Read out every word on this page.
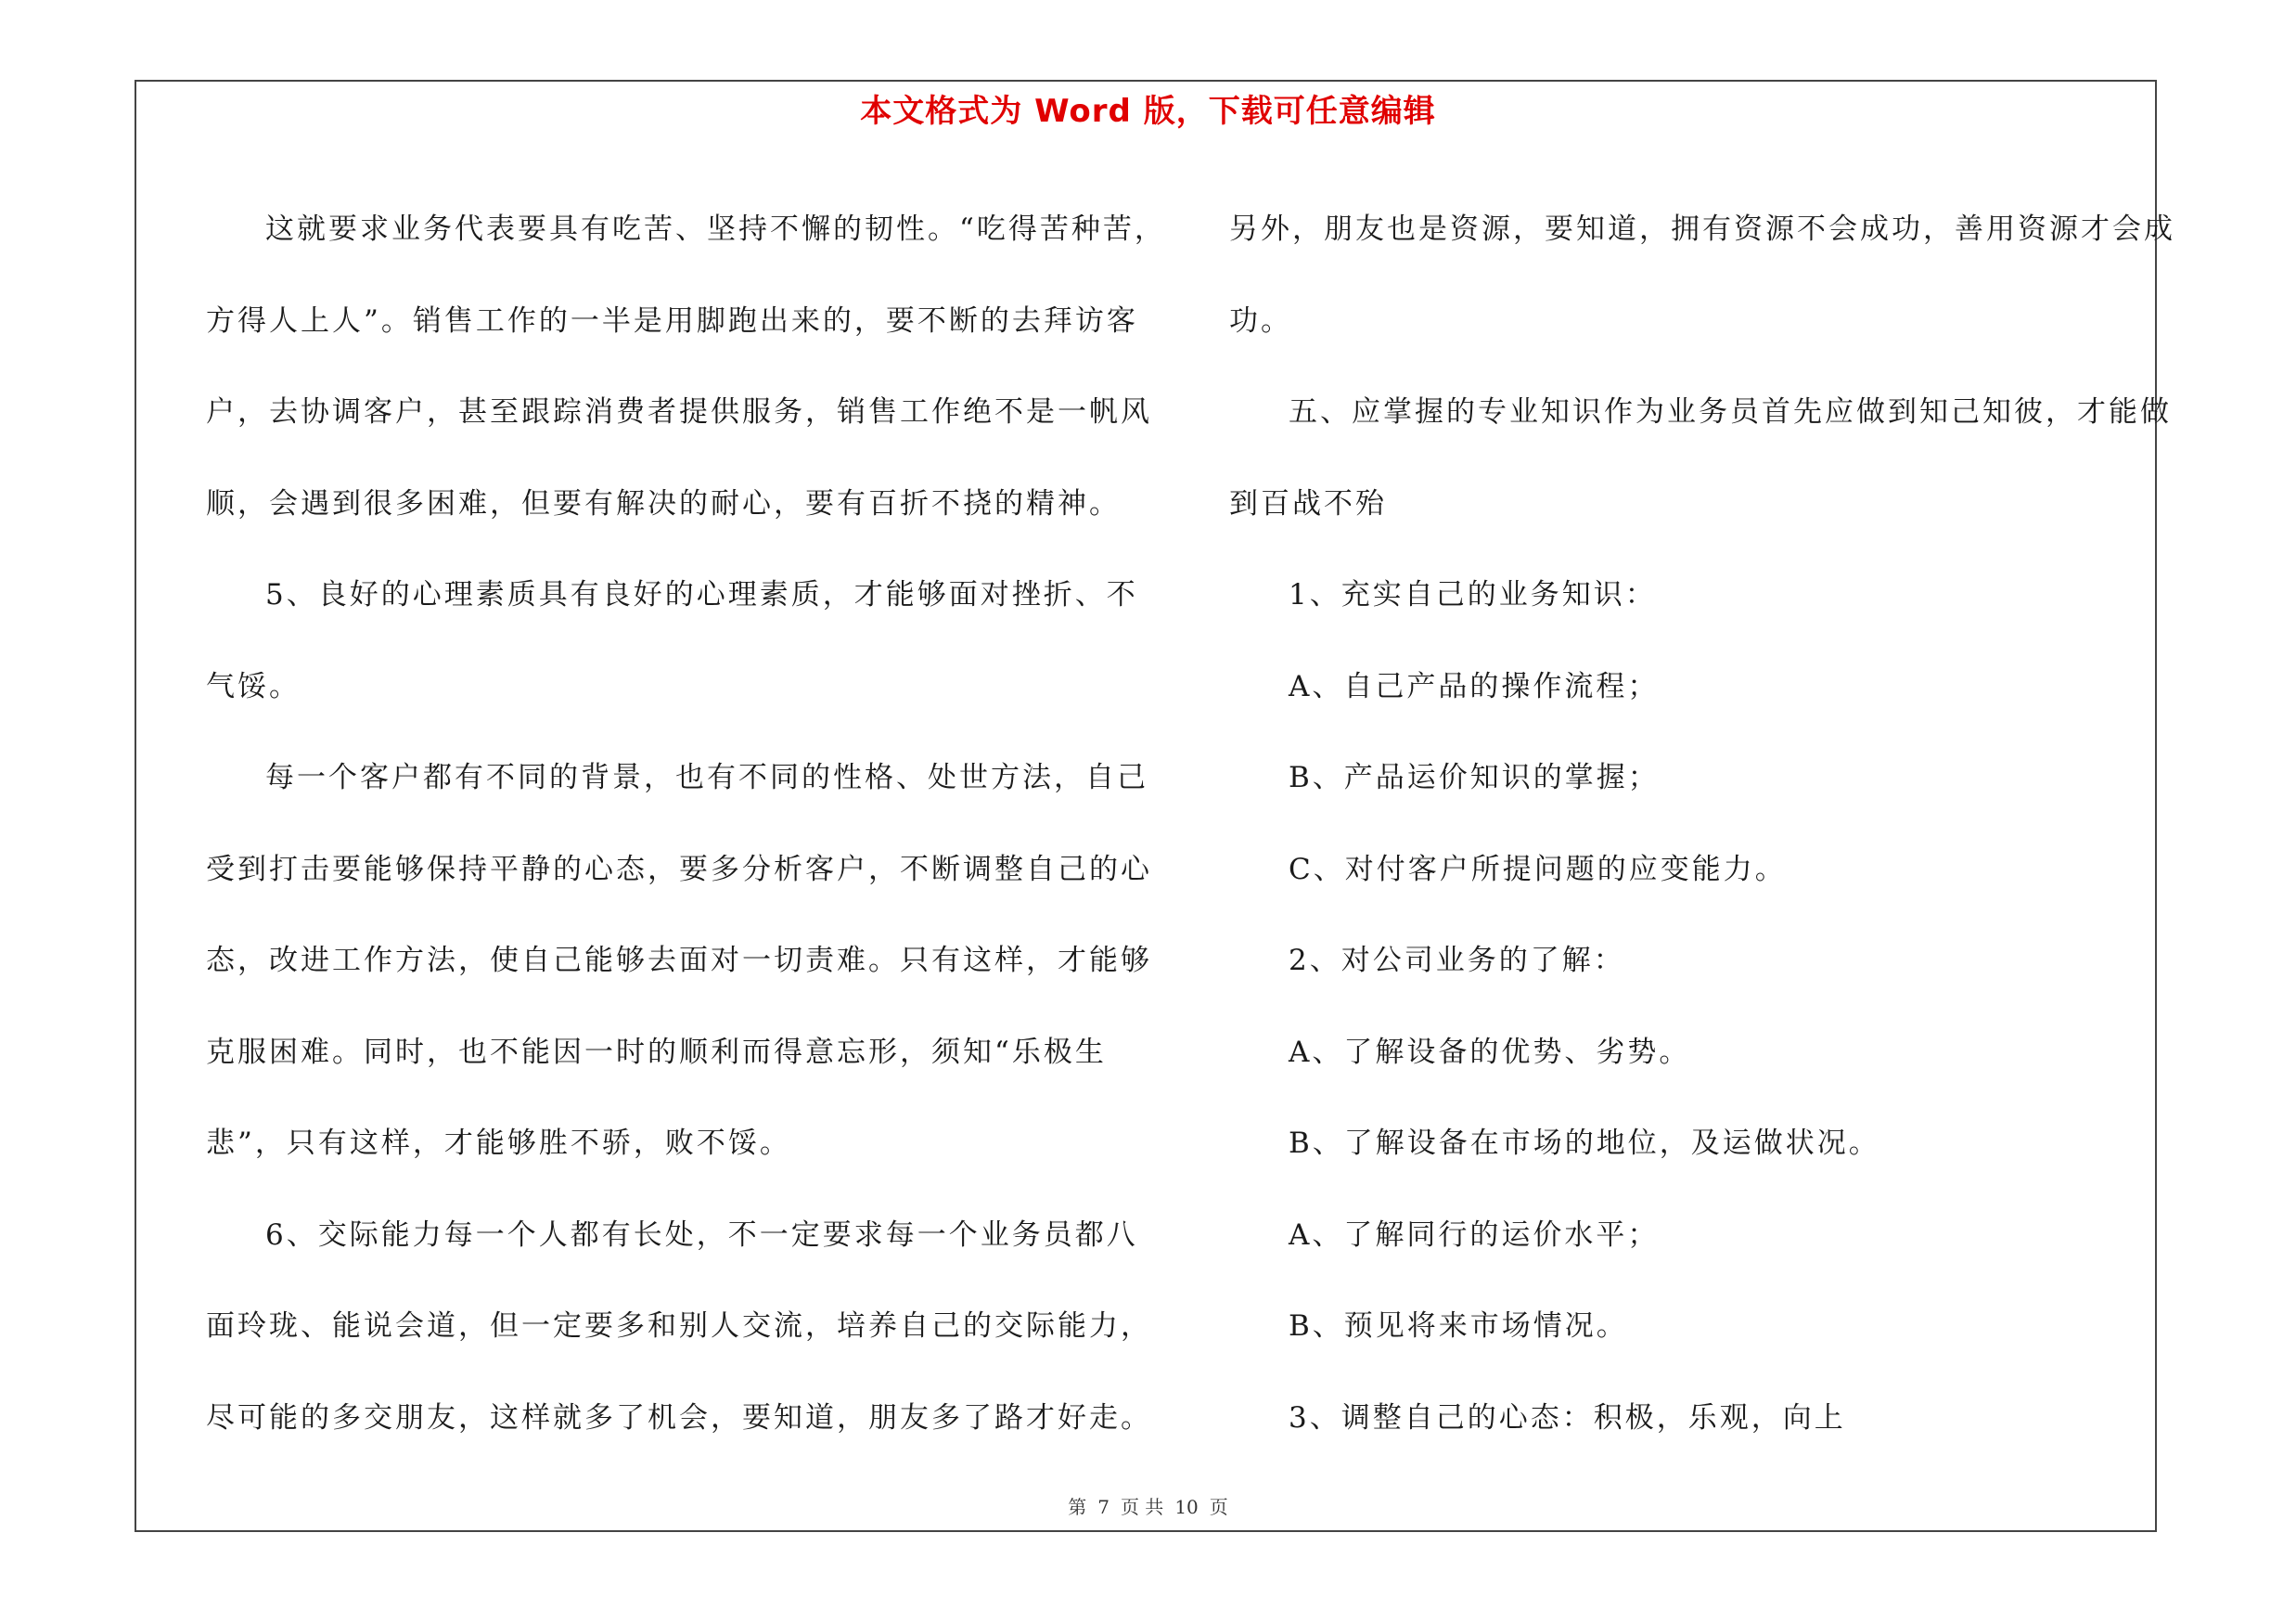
本文格式为 Word 版，下载可任意编辑

这就要求业务代表要具有吃苦、坚持不懈的韧性。“吃得苦种苦，

方得人上人”。销售工作的一半是用脚跑出来的，要不断的去拜访客

户，去协调客户，甚至跟踪消费者提供服务，销售工作绝不是一帆风

顺，会遇到很多困难，但要有解决的耐心，要有百折不挠的精神。

5、良好的心理素质具有良好的心理素质，才能够面对挫折、不

气馁。

每一个客户都有不同的背景，也有不同的性格、处世方法，自己

受到打击要能够保持平静的心态，要多分析客户，不断调整自己的心

态，改进工作方法，使自己能够去面对一切责难。只有这样，才能够

克服困难。同时，也不能因一时的顺利而得意忘形，须知“乐极生

悲”，只有这样，才能够胜不骄，败不馁。

6、交际能力每一个人都有长处，不一定要求每一个业务员都八

面玲珑、能说会道，但一定要多和别人交流，培养自己的交际能力，

尽可能的多交朋友，这样就多了机会，要知道，朋友多了路才好走。

另外，朋友也是资源，要知道，拥有资源不会成功，善用资源才会成

功。

五、应掌握的专业知识作为业务员首先应做到知己知彼，才能做

到百战不殆

1、充实自己的业务知识：

A、自己产品的操作流程；

B、产品运价知识的掌握；

C、对付客户所提问题的应变能力。

2、对公司业务的了解：

A、了解设备的优势、劣势。

B、了解设备在市场的地位，及运做状况。

A、了解同行的运价水平；

B、预见将来市场情况。

3、调整自己的心态：积极，乐观，向上

第 7 页 共 10 页
